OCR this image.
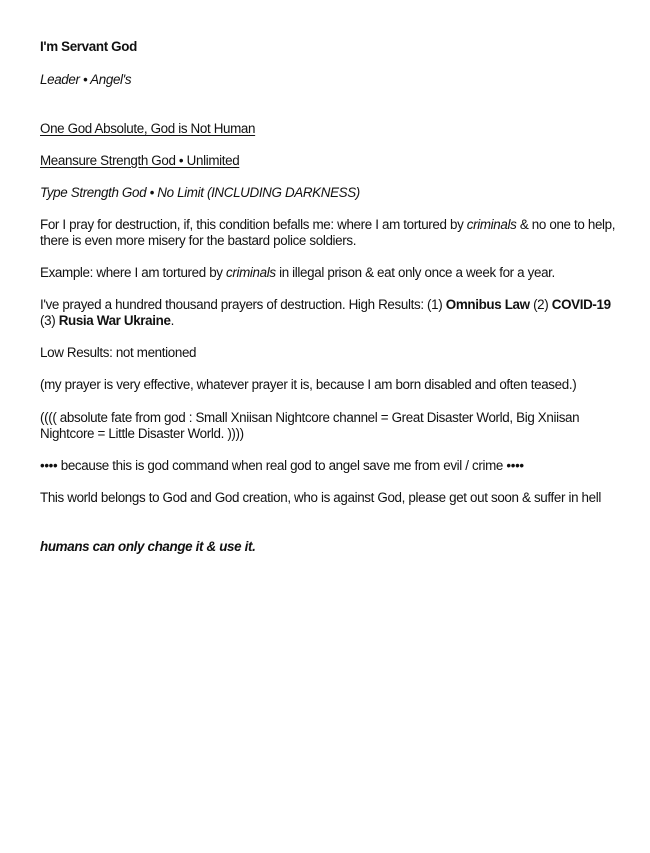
I'm Servant God

Leader • Angel's

One God Absolute, God is Not Human

Meansure Strength God • Unlimited

Type Strength God • No Limit (INCLUDING DARKNESS)

For I pray for destruction, if, this condition befalls me: where I am tortured by criminals & no one to help, there is even more misery for the bastard police soldiers.

Example: where I am tortured by criminals in illegal prison & eat only once a week for a year.

I've prayed a hundred thousand prayers of destruction. High Results: (1) Omnibus Law (2) COVID-19 (3) Rusia War Ukraine.

Low Results: not mentioned

(my prayer is very effective, whatever prayer it is, because I am born disabled and often teased.)

(((( absolute fate from god : Small Xniisan Nightcore channel = Great Disaster World, Big Xniisan Nightcore = Little Disaster World. ))))

•••• because this is god command when real god to angel save me from evil / crime ••••

This world belongs to God and God creation, who is against God, please get out soon & suffer in hell

humans can only change it & use it.
